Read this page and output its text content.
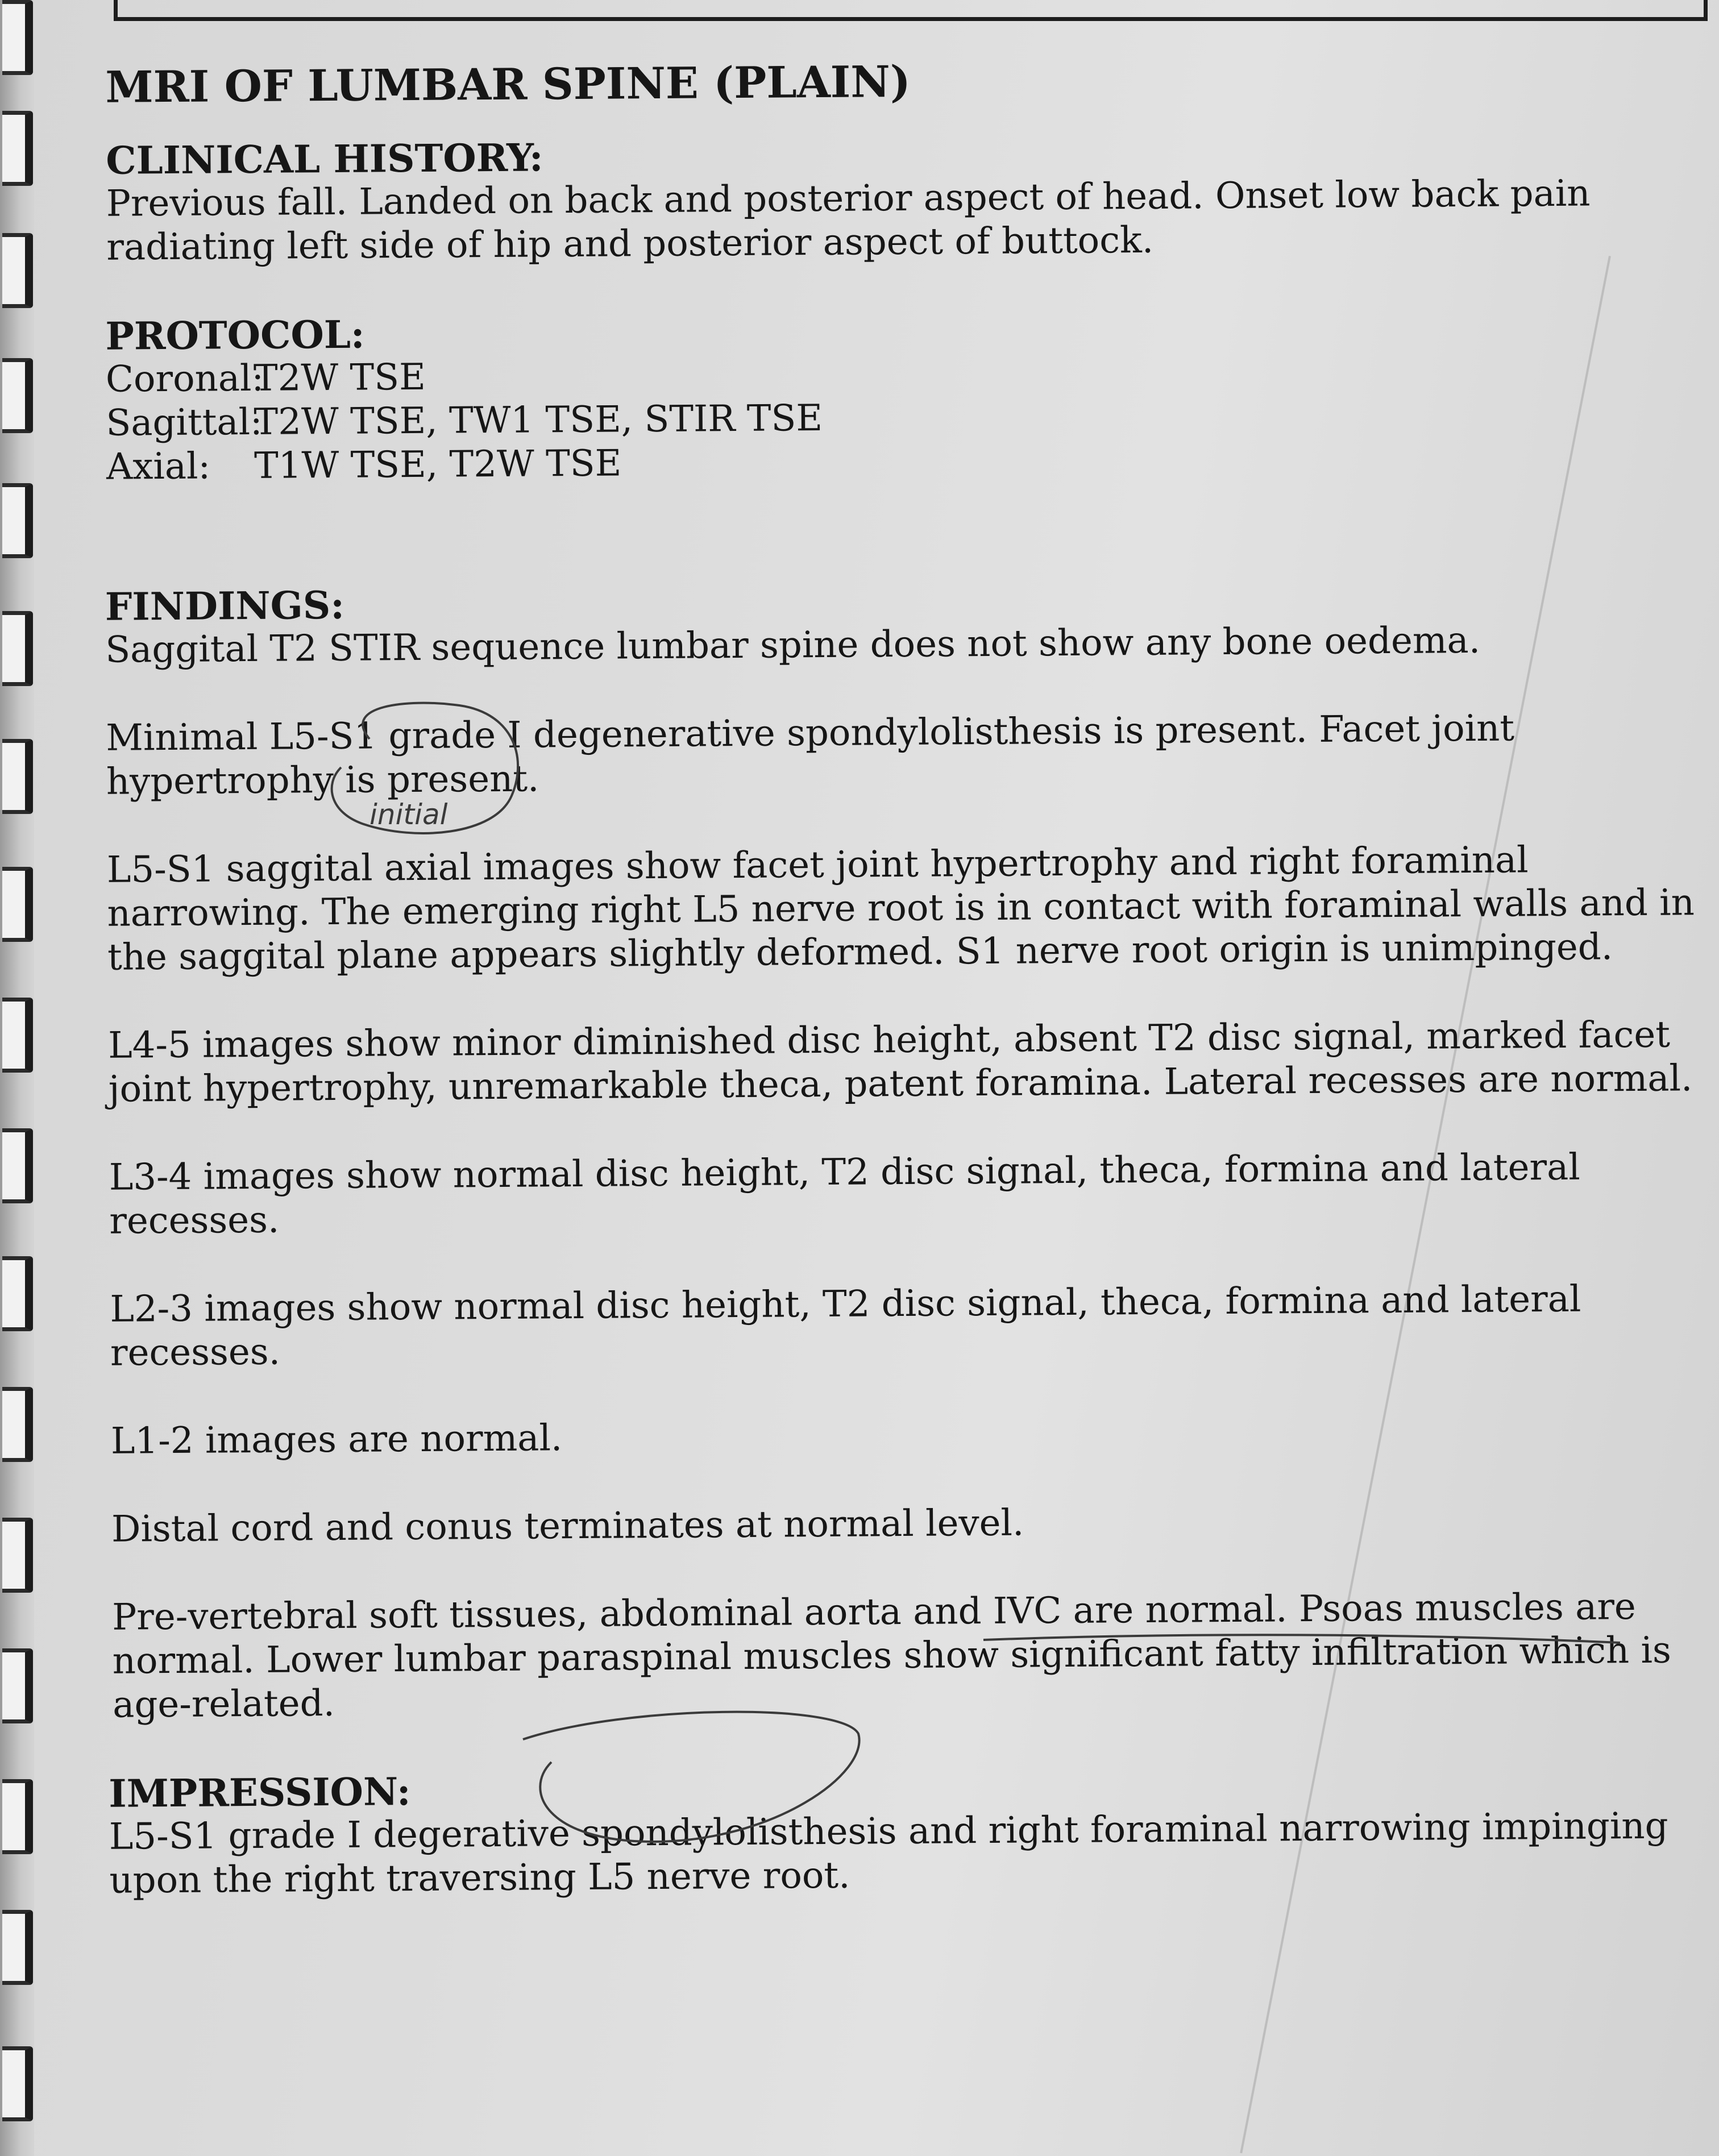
MRI OF LUMBAR SPINE (PLAIN)
CLINICAL HISTORY:
Previous fall. Landed on back and posterior aspect of head. Onset low back pain radiating left side of hip and posterior aspect of buttock.
PROTOCOL:
Coronal:
T2W TSE
Sagittal:
T2W TSE, TW1 TSE, STIR TSE
Axial:	T1W TSE, T2W TSE
FINDINGS:
Saggital T2 STIR sequence lumbar spine does not show any bone oedema.
Minimal L5-S1 grade I degenerative spondylolisthesis is present. Facet joint hypertrophy is present.
L5-S1 saggital axial images show facet joint hypertrophy and right foraminal narrowing. The emerging right L5 nerve root is in contact with foraminal walls and in the saggital plane appears slightly deformed. S1 nerve root origin is unimpinged.
L4-5 images show minor diminished disc height, absent T2 disc signal, marked facet joint hypertrophy, unremarkable theca, patent foramina. Lateral recesses are normal.
L3-4 images show normal disc height, T2 disc signal, theca, formina and lateral recesses.
L2-3 images show normal disc height, T2 disc signal, theca, formina and lateral recesses.
L1-2 images are normal.
Distal cord and conus terminates at normal level.
Pre-vertebral soft tissues, abdominal aorta and IVC are normal. Psoas muscles are normal. Lower lumbar paraspinal muscles show significant fatty infiltration which is age-related.
IMPRESSION:
L5-S1 grade I degerative spondylolisthesis and right foraminal narrowing impinging upon the right traversing L5 nerve root.
initial
